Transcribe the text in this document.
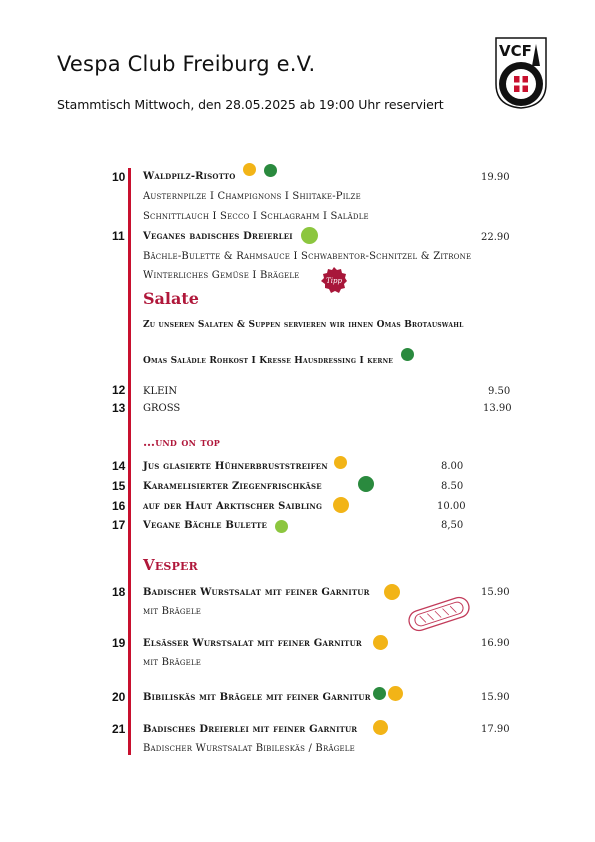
Vespa Club Freiburg e.V.
Stammtisch Mittwoch, den 28.05.2025 ab 19:00 Uhr reserviert
VCF
10 Waldpilz-Risotto	19.90
Austernpilze I Champignons I Shiitake-Pilze
Schnittlauch I Secco I Schlagrahm I Salädle
11 Veganes badisches Dreierlei	22.90
Bächle-Bulette & Rahmsauce I Schwabentor-Schnitzel & Zitrone
Winterliches Gemüse I Brägele	Tipp
Salate
Zu unseren Salaten & Suppen servieren wir ihnen Omas Brotauswahl
Omas Salädle Rohkost I Kresse Hausdressing I kerne
12 KLEIN	9.50
13 GROSS	13.90
…und on top
14 Jus glasierte Hühnerbruststreifen	8.00
15 Karamelisierter Ziegenfrischkäse	8.50
16 auf der Haut Arktischer Saibling	10.00
17 Vegane Bächle Bulette	8,50
Vesper
18 Badischer Wurstsalat mit feiner Garnitur	15.90
mit Brägele
19 Elsässer Wurstsalat mit feiner Garnitur	16.90
mit Brägele
20 Bibiliskäs mit Brägele mit feiner Garnitur	15.90
21 Badisches Dreierlei mit feiner Garnitur	17.90
Badischer Wurstsalat Bibileskäs / Brägele
